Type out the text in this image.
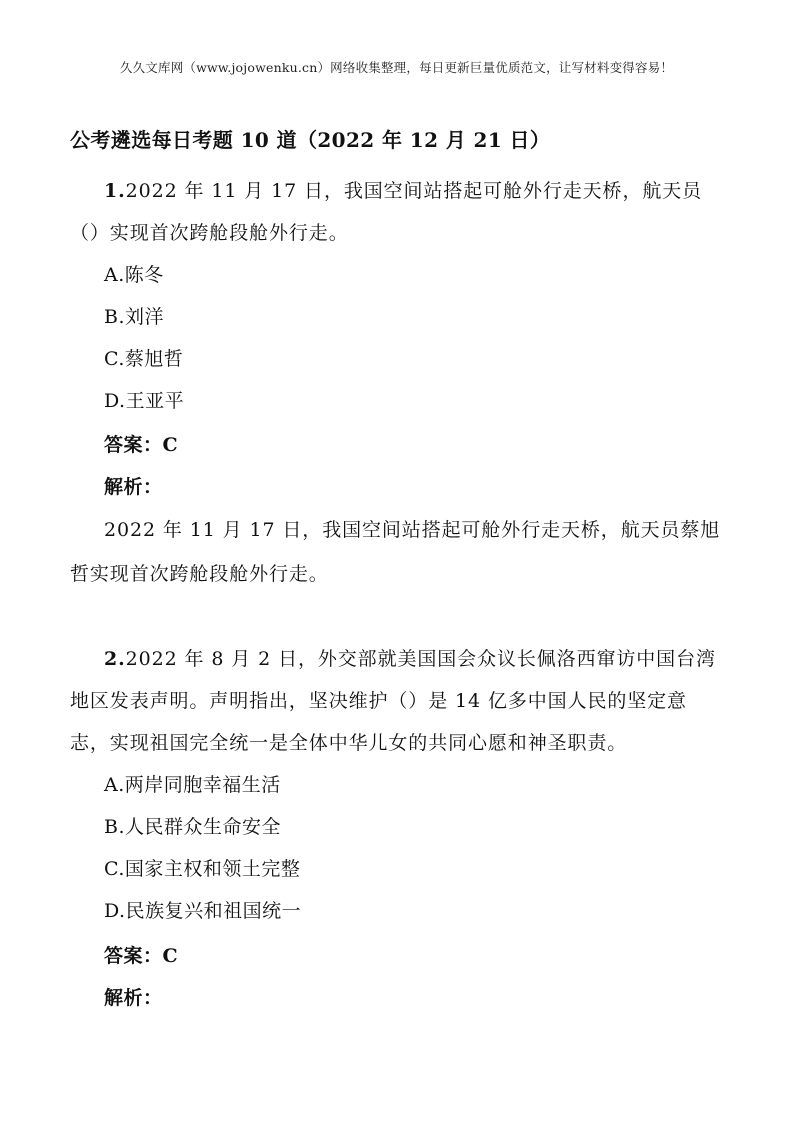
久久文库网（www.jojowenku.cn）网络收集整理，每日更新巨量优质范文，让写材料变得容易！
公考遴选每日考题 10 道（2022 年 12 月 21 日）

1.2022 年 11 月 17 日，我国空间站搭起可舱外行走天桥，航天员（）实现首次跨舱段舱外行走。

A.陈冬
B.刘洋
C.蔡旭哲
D.王亚平
答案：C
解析：

2022 年 11 月 17 日，我国空间站搭起可舱外行走天桥，航天员蔡旭哲实现首次跨舱段舱外行走。

2.2022 年 8 月 2 日，外交部就美国国会众议长佩洛西窜访中国台湾地区发表声明。声明指出，坚决维护（）是 14 亿多中国人民的坚定意志，实现祖国完全统一是全体中华儿女的共同心愿和神圣职责。

A.两岸同胞幸福生活
B.人民群众生命安全
C.国家主权和领土完整
D.民族复兴和祖国统一
答案：C
解析：
